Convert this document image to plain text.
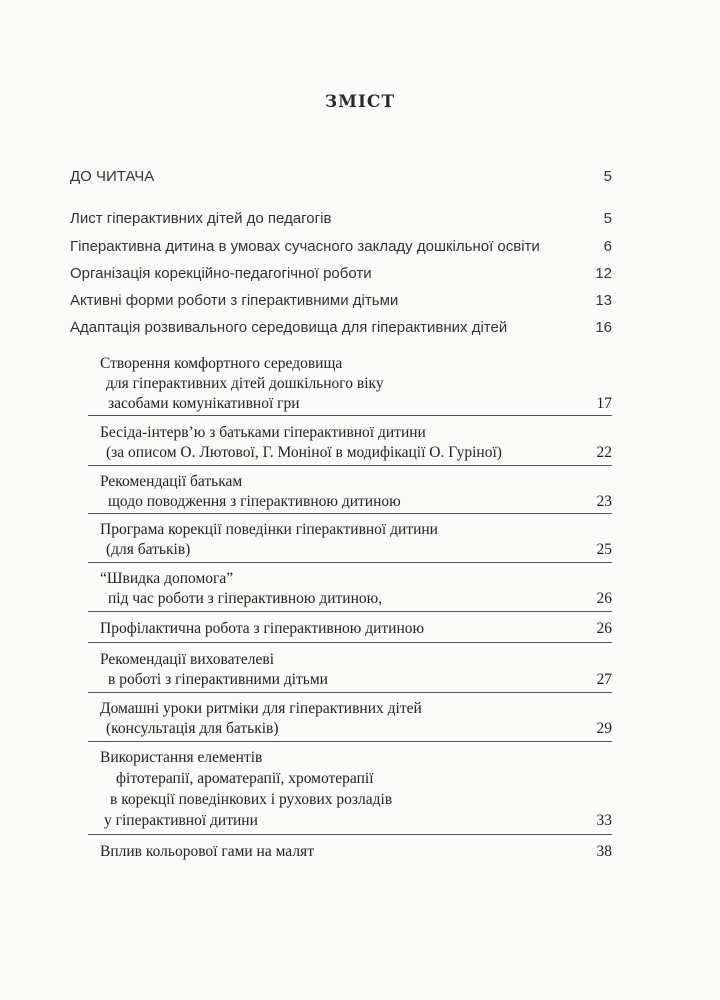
ЗМІСТ
ДО ЧИТАЧА	5
Лист гіперактивних дітей до педагогів	5
Гіперактивна дитина в умовах сучасного закладу дошкільної освіти	6
Організація корекційно-педагогічної роботи	12
Активні форми роботи з гіперактивними дітьми	13
Адаптація розвивального середовища для гіперактивних дітей	16
Створення комфортного середовища
для гіперактивних дітей дошкільного віку
засобами комунікативної гри	17
Бесіда-інтерв’ю з батьками гіперактивної дитини
(за описом О. Лютової, Г. Моніної в модифікації О. Гуріної)	22
Рекомендації батькам
щодо поводження з гіперактивною дитиною	23
Програма корекції поведінки гіперактивної дитини
(для батьків)	25
“Швидка допомога”
під час роботи з гіперактивною дитиною,	26
Профілактична робота з гіперактивною дитиною	26
Рекомендації вихователеві
в роботі з гіперактивними дітьми	27
Домашні уроки ритміки для гіперактивних дітей
(консультація для батьків)	29
Використання елементів
фітотерапії, ароматерапії, хромотерапії
в корекції поведінкових і рухових розладів
у гіперактивної дитини	33
Вплив кольорової гами на малят	38
